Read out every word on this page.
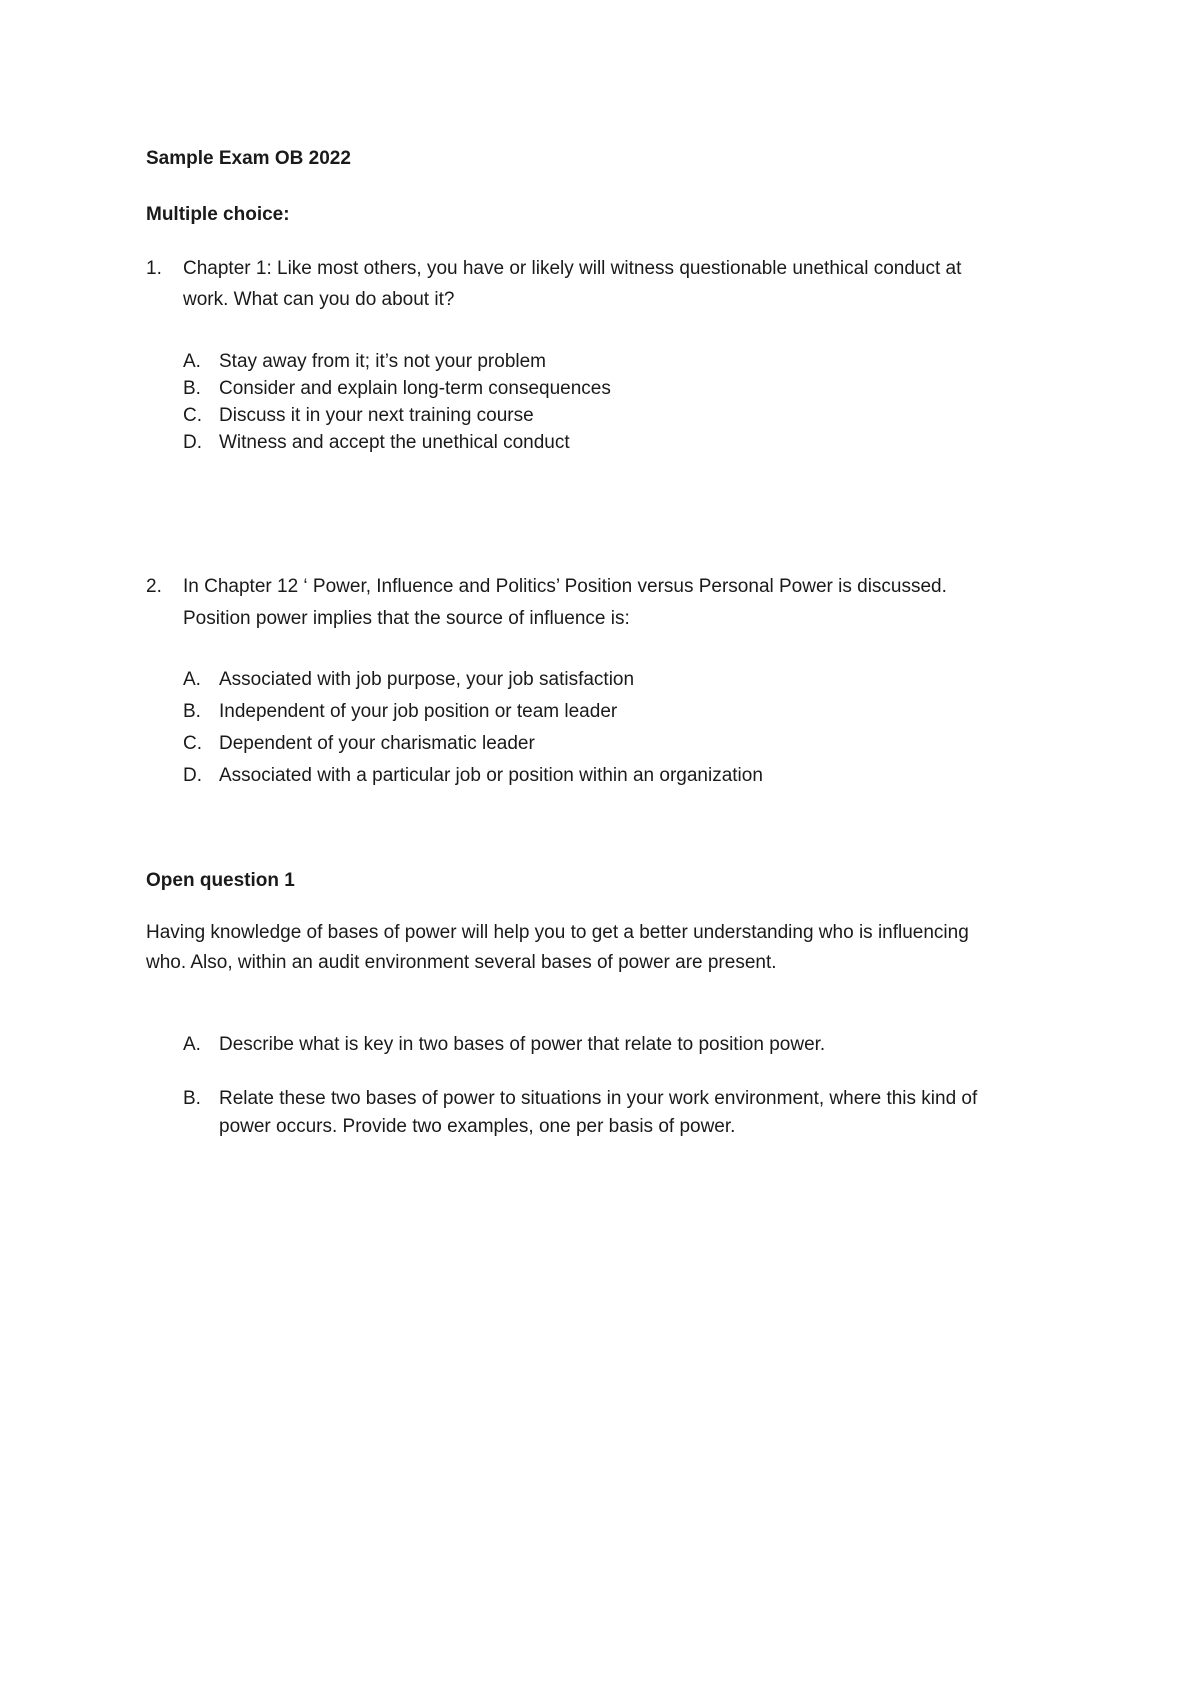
Sample Exam OB 2022
Multiple choice:
1. Chapter 1: Like most others, you have or likely will witness questionable unethical conduct at
work. What can you do about it?
A. Stay away from it; it’s not your problem
B. Consider and explain long-term consequences
C. Discuss it in your next training course
D. Witness and accept the unethical conduct
2. In Chapter 12 ‘ Power, Influence and Politics’ Position versus Personal Power is discussed.
Position power implies that the source of influence is:
A. Associated with job purpose, your job satisfaction
B. Independent of your job position or team leader
C. Dependent of your charismatic leader
D. Associated with a particular job or position within an organization
Open question 1
Having knowledge of bases of power will help you to get a better understanding who is influencing
who. Also, within an audit environment several bases of power are present.
A. Describe what is key in two bases of power that relate to position power.
B. Relate these two bases of power to situations in your work environment, where this kind of
power occurs. Provide two examples, one per basis of power.
